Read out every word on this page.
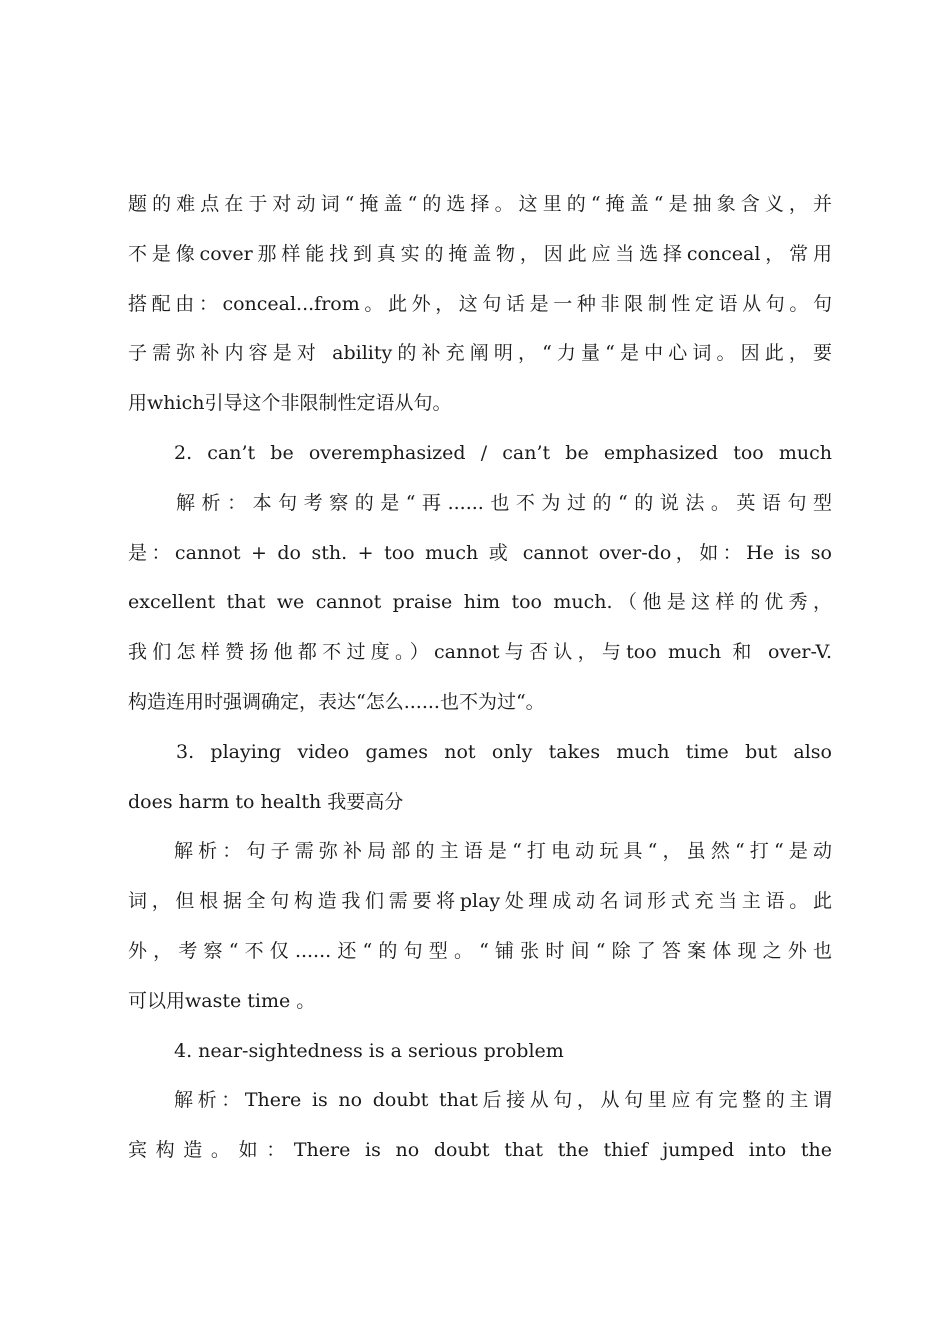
题的难点在于对动词“掩盖“的选择。这里的“掩盖“是抽象含义，并
不是像cover那样能找到真实的掩盖物，因此应当选择conceal，常用
搭配由：conceal...from。此外，这句话是一种非限制性定语从句。句
子需弥补内容是对 ability的补充阐明，“力量“是中心词。因此，要
用which引导这个非限制性定语从句。
2. can’t be overemphasized / can’t be emphasized too much
解析：本句考察的是“再......也不为过的“的说法。英语句型
是：cannot + do sth. + too much 或 cannot over-do，如：He is so
excellent that we cannot praise him too much.（他是这样的优秀，
我们怎样赞扬他都不过度。）cannot与否认，与too much 和 over-V.
构造连用时强调确定，表达“怎么......也不为过“。
3. playing video games not only takes much time but also
does harm to health 我要高分
解析：句子需弥补局部的主语是“打电动玩具“，虽然“打“是动
词，但根据全句构造我们需要将play处理成动名词形式充当主语。此
外，考察“不仅......还“的句型。“铺张时间“除了答案体现之外也
可以用waste time 。
4. near-sightedness is a serious problem
解析：There is no doubt that后接从句，从句里应有完整的主谓
宾构造。如：There is no doubt that the thief jumped into the
